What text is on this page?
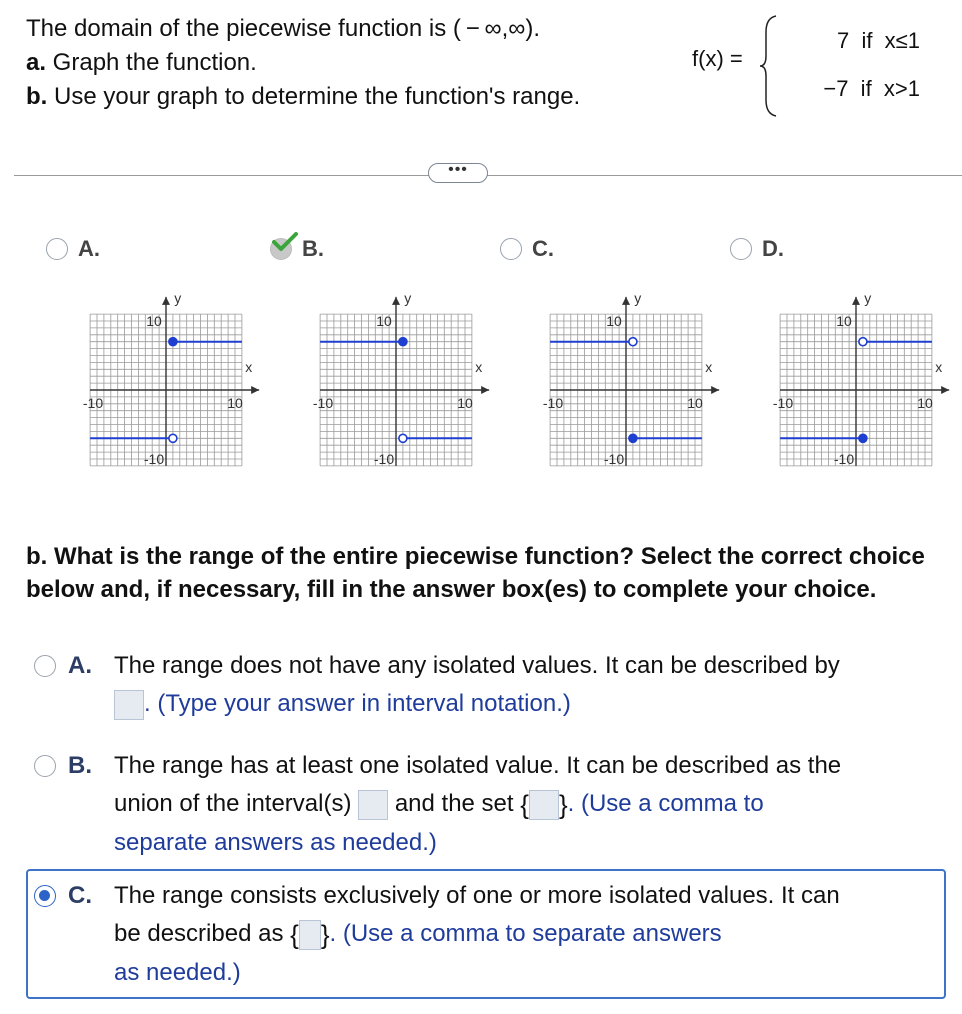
The domain of the piecewise function is ( − ∞,∞).
a. Graph the function.
b. Use your graph to determine the function's range.
f(x) =
7  if  x≤1
−7  if  x>1
•••
A.	B.	C.	D.
y
x
10
-10
10
-10
y
x
10
-10
10
-10
y
x
10
-10
10
-10
y
x
10
-10
10
-10
b. What is the range of the entire piecewise function? Select the correct choice below and, if necessary, fill in the answer box(es) to complete your choice.
A. The range does not have any isolated values. It can be described by
. (Type your answer in interval notation.)
B. The range has at least one isolated value. It can be described as the
union of the interval(s) and the set { }. (Use a comma to
separate answers as needed.)
C. The range consists exclusively of one or more isolated values. It can
be described as { }. (Use a comma to separate answers
as needed.)
